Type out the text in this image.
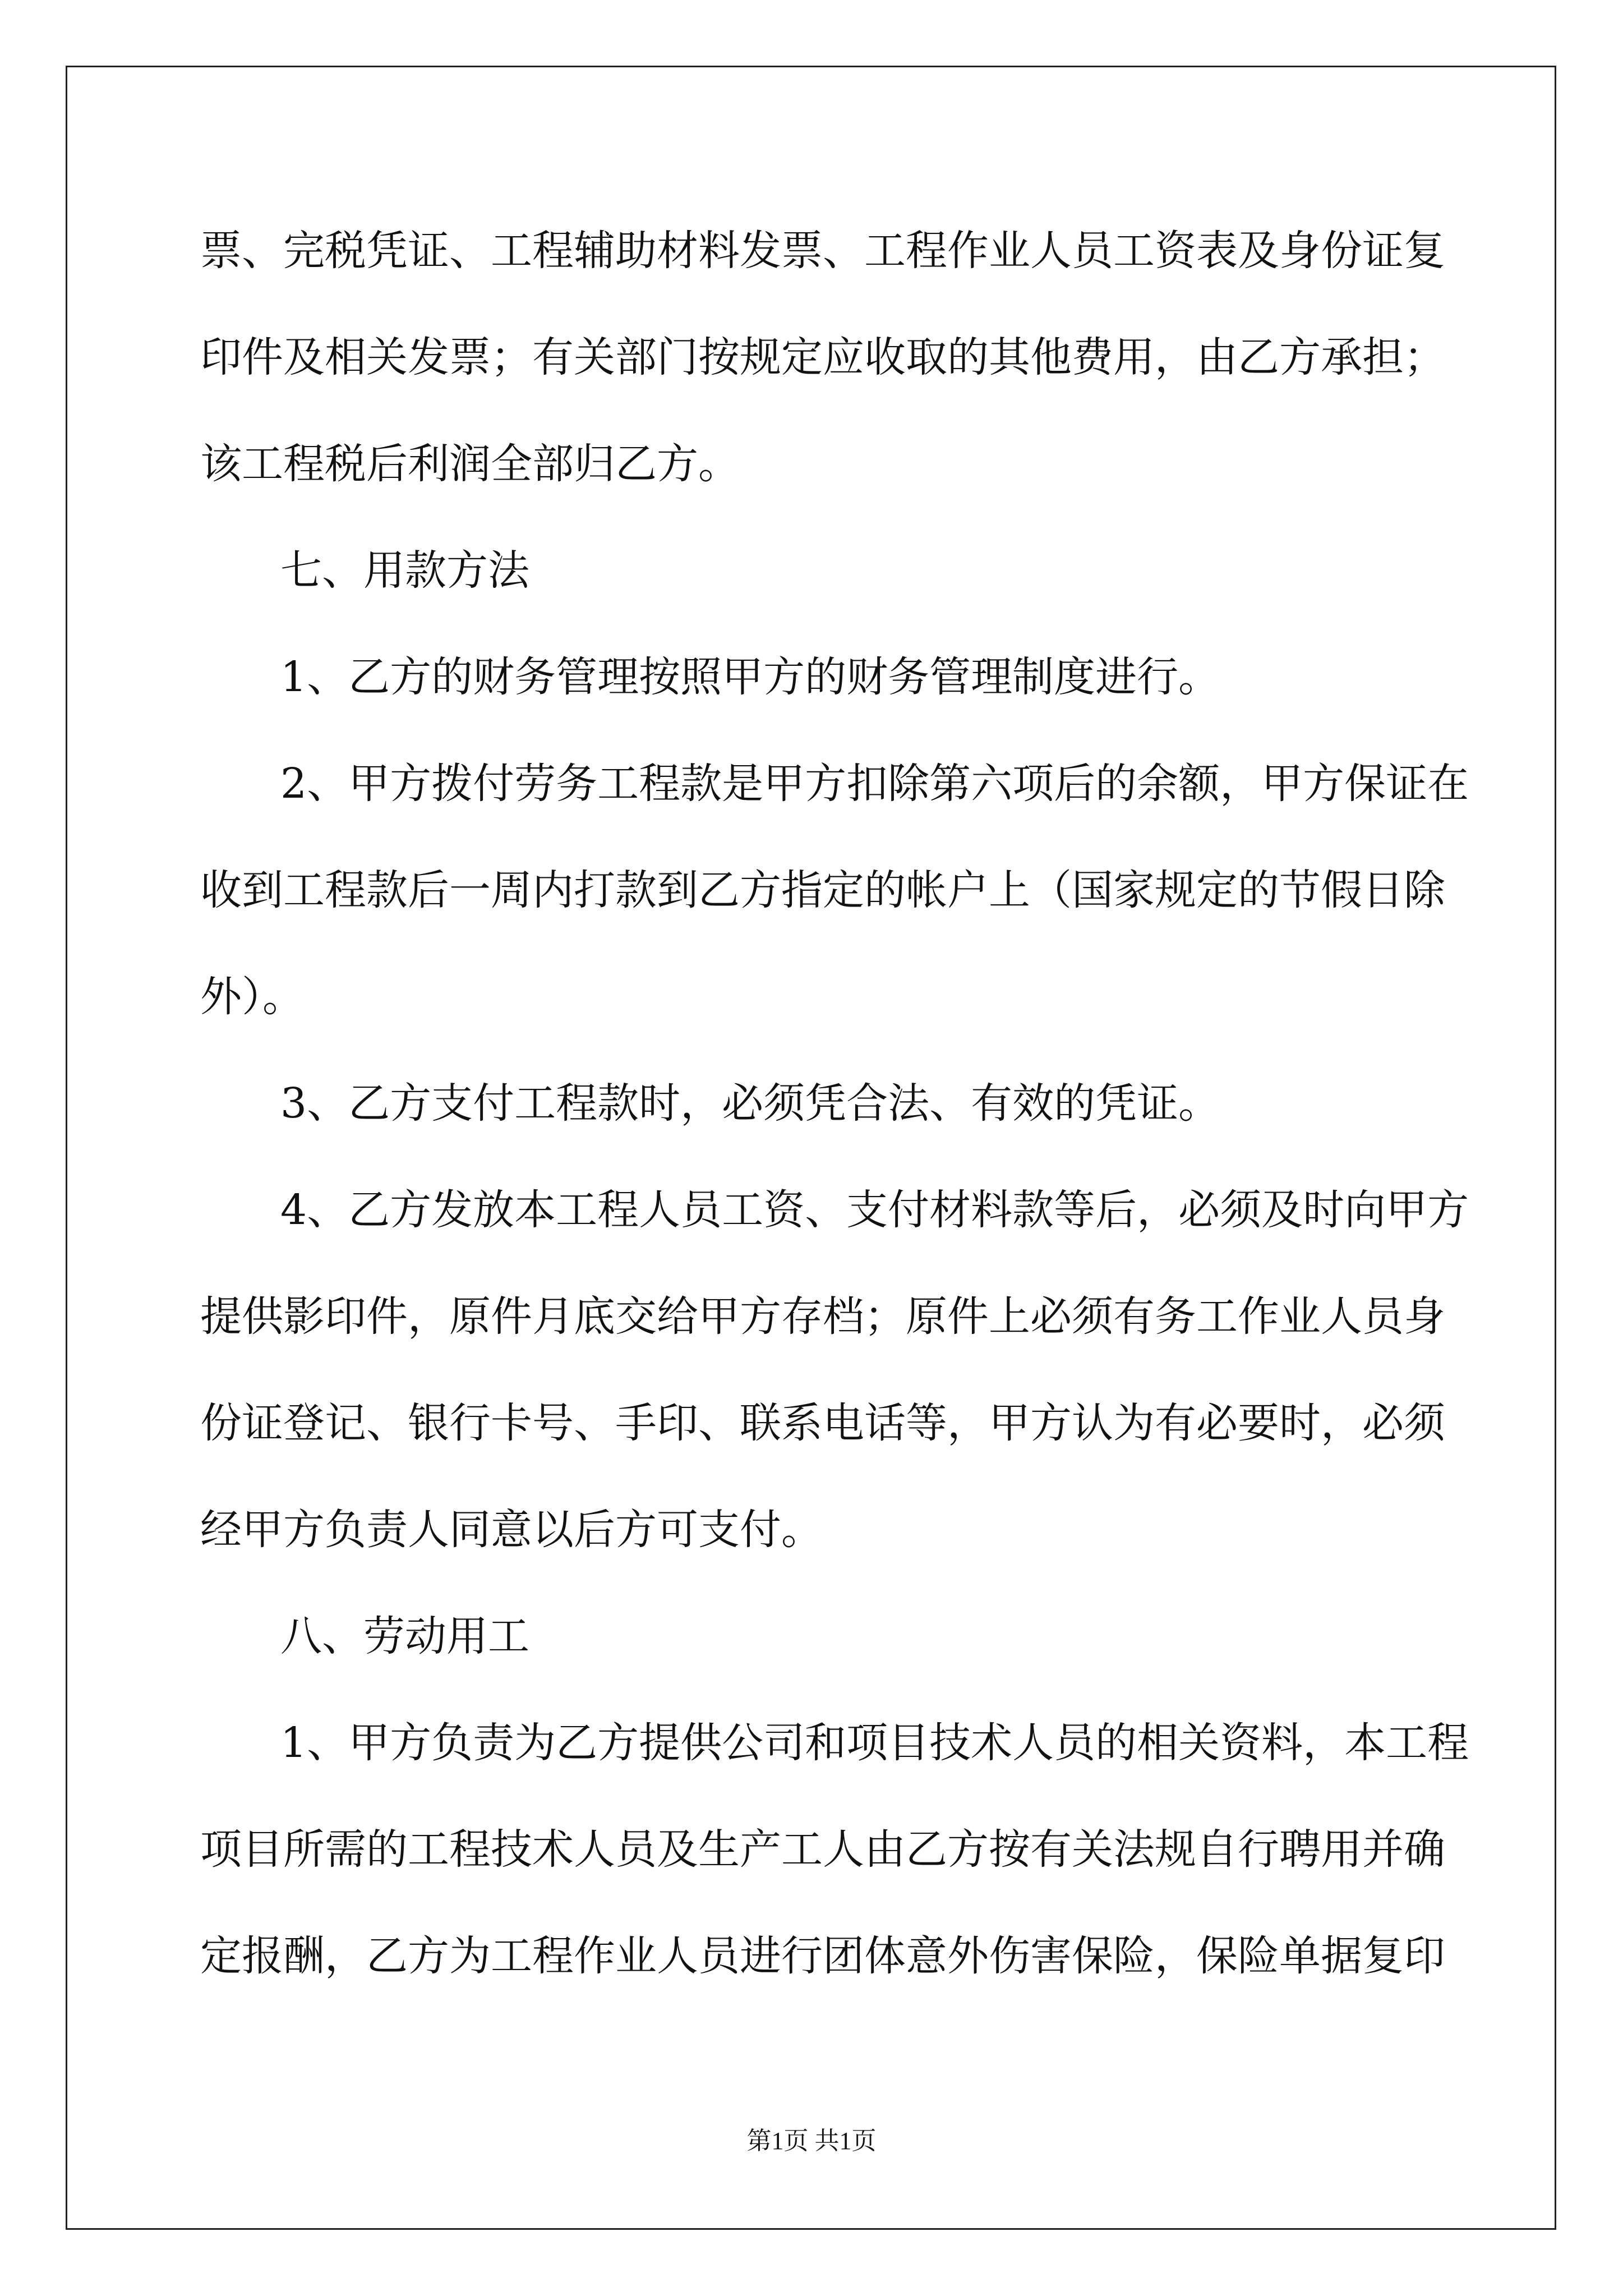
票、完税凭证、工程辅助材料发票、工程作业人员工资表及身份证复
印件及相关发票；有关部门按规定应收取的其他费用，由乙方承担；
该工程税后利润全部归乙方。
七、用款方法
1、乙方的财务管理按照甲方的财务管理制度进行。
2、甲方拨付劳务工程款是甲方扣除第六项后的余额，甲方保证在
收到工程款后一周内打款到乙方指定的帐户上（国家规定的节假日除
外）。
3、乙方支付工程款时，必须凭合法、有效的凭证。
4、乙方发放本工程人员工资、支付材料款等后，必须及时向甲方
提供影印件，原件月底交给甲方存档；原件上必须有务工作业人员身
份证登记、银行卡号、手印、联系电话等，甲方认为有必要时，必须
经甲方负责人同意以后方可支付。
八、劳动用工
1、甲方负责为乙方提供公司和项目技术人员的相关资料，本工程
项目所需的工程技术人员及生产工人由乙方按有关法规自行聘用并确
定报酬，乙方为工程作业人员进行团体意外伤害保险，保险单据复印
第1页 共1页
